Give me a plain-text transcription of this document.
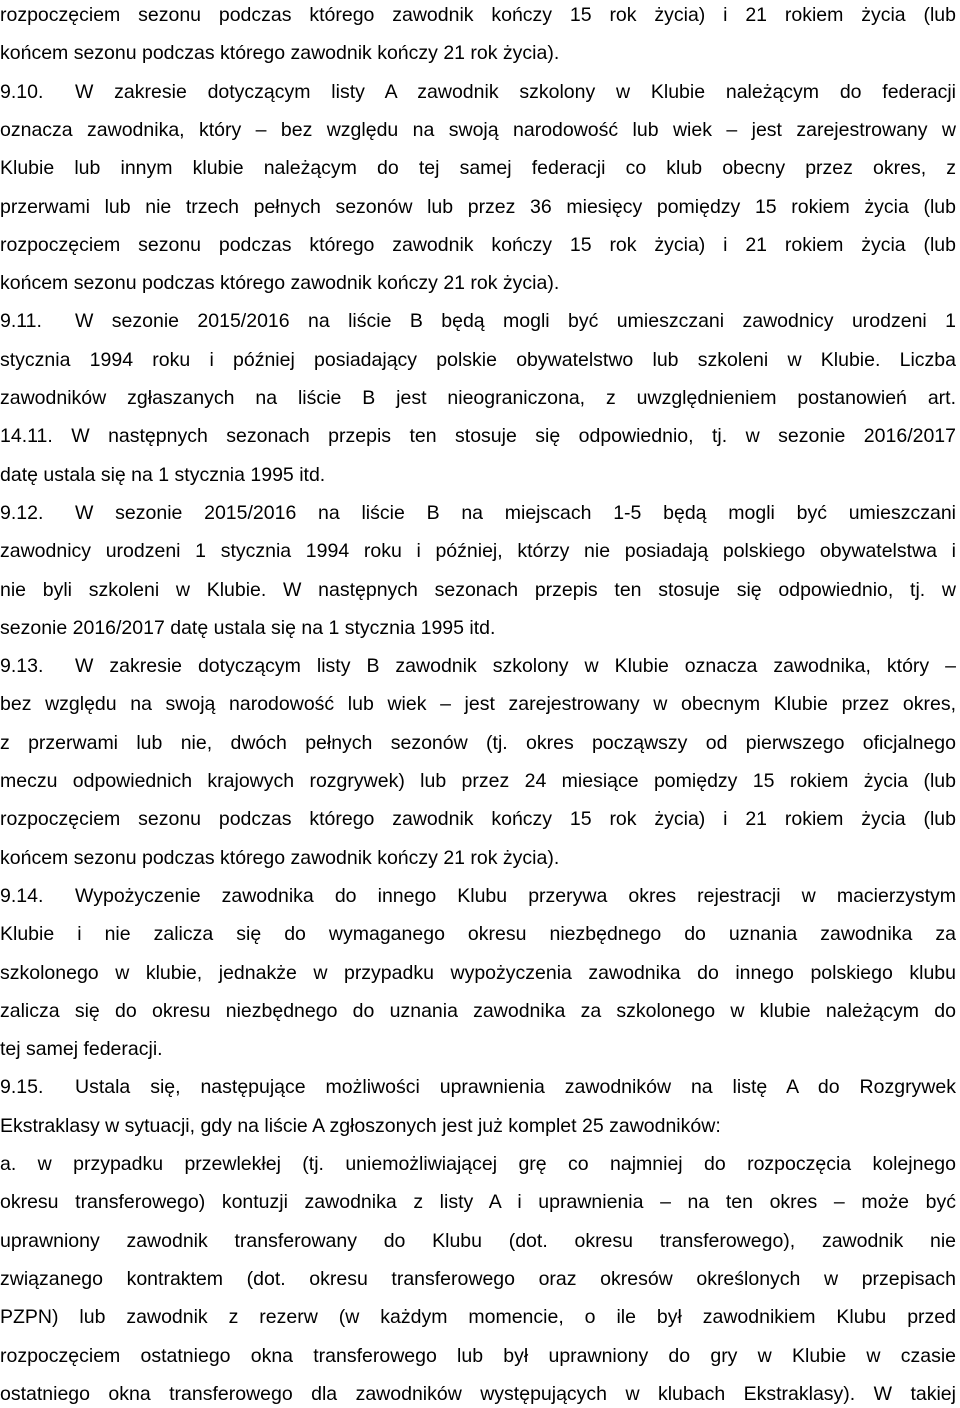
rozpoczęciem sezonu podczas którego zawodnik kończy 15 rok życia) i 21 rokiem życia (lub
końcem sezonu podczas którego zawodnik kończy 21 rok życia).
9.10. W zakresie dotyczącym listy A zawodnik szkolony w Klubie należącym do federacji
oznacza zawodnika, który – bez względu na swoją narodowość lub wiek – jest zarejestrowany w
Klubie lub innym klubie należącym do tej samej federacji co klub obecny przez okres, z
przerwami lub nie trzech pełnych sezonów lub przez 36 miesięcy pomiędzy 15 rokiem życia (lub
rozpoczęciem sezonu podczas którego zawodnik kończy 15 rok życia) i 21 rokiem życia (lub
końcem sezonu podczas którego zawodnik kończy 21 rok życia).
9.11. W sezonie 2015/2016 na liście B będą mogli być umieszczani zawodnicy urodzeni 1
stycznia 1994 roku i później posiadający polskie obywatelstwo lub szkoleni w Klubie. Liczba
zawodników zgłaszanych na liście B jest nieograniczona, z uwzględnieniem postanowień art.
14.11. W następnych sezonach przepis ten stosuje się odpowiednio, tj. w sezonie 2016/2017
datę ustala się na 1 stycznia 1995 itd.
9.12. W sezonie 2015/2016 na liście B na miejscach 1-5 będą mogli być umieszczani
zawodnicy urodzeni 1 stycznia 1994 roku i później, którzy nie posiadają polskiego obywatelstwa i
nie byli szkoleni w Klubie. W następnych sezonach przepis ten stosuje się odpowiednio, tj. w
sezonie 2016/2017 datę ustala się na 1 stycznia 1995 itd.
9.13. W zakresie dotyczącym listy B zawodnik szkolony w Klubie oznacza zawodnika, który –
bez względu na swoją narodowość lub wiek – jest zarejestrowany w obecnym Klubie przez okres,
z przerwami lub nie, dwóch pełnych sezonów (tj. okres począwszy od pierwszego oficjalnego
meczu odpowiednich krajowych rozgrywek) lub przez 24 miesiące pomiędzy 15 rokiem życia (lub
rozpoczęciem sezonu podczas którego zawodnik kończy 15 rok życia) i 21 rokiem życia (lub
końcem sezonu podczas którego zawodnik kończy 21 rok życia).
9.14. Wypożyczenie zawodnika do innego Klubu przerywa okres rejestracji w macierzystym
Klubie i nie zalicza się do wymaganego okresu niezbędnego do uznania zawodnika za
szkolonego w klubie, jednakże w przypadku wypożyczenia zawodnika do innego polskiego klubu
zalicza się do okresu niezbędnego do uznania zawodnika za szkolonego w klubie należącym do
tej samej federacji.
9.15. Ustala się, następujące możliwości uprawnienia zawodników na listę A do Rozgrywek
Ekstraklasy w sytuacji, gdy na liście A zgłoszonych jest już komplet 25 zawodników:
a. w przypadku przewlekłej (tj. uniemożliwiającej grę co najmniej do rozpoczęcia kolejnego
okresu transferowego) kontuzji zawodnika z listy A i uprawnienia – na ten okres – może być
uprawniony zawodnik transferowany do Klubu (dot. okresu transferowego), zawodnik nie
związanego kontraktem (dot. okresu transferowego oraz okresów określonych w przepisach
PZPN) lub zawodnik z rezerw (w każdym momencie, o ile był zawodnikiem Klubu przed
rozpoczęciem ostatniego okna transferowego lub był uprawniony do gry w Klubie w czasie
ostatniego okna transferowego dla zawodników występujących w klubach Ekstraklasy). W takiej
